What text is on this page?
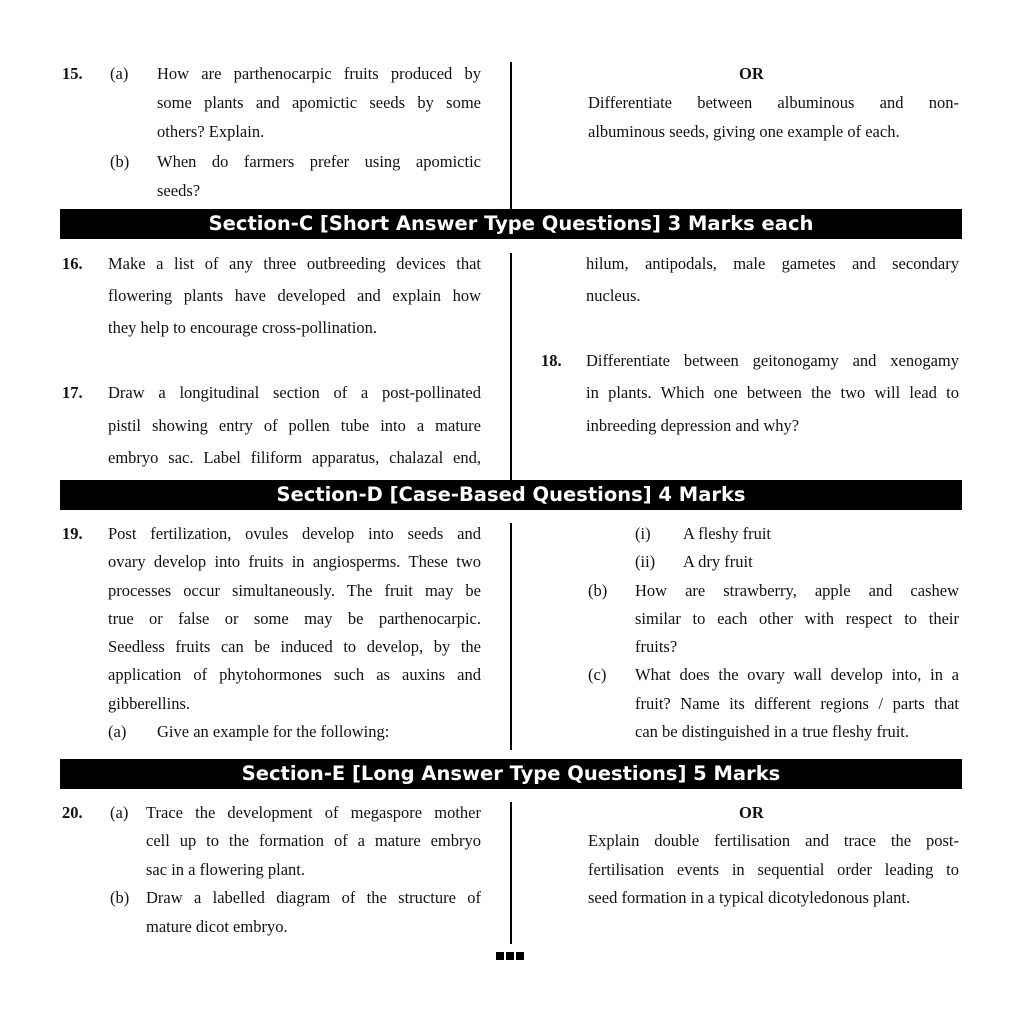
15. (a) How are parthenocarpic fruits produced by
some plants and apomictic seeds by some
others? Explain.
(b) When do farmers prefer using apomictic
seeds?
OR
Differentiate between albuminous and non-
albuminous seeds, giving one example of each.
Section-C [Short Answer Type Questions] 3 Marks each
16. Make a list of any three outbreeding devices that
flowering plants have developed and explain how
they help to encourage cross-pollination.
17. Draw a longitudinal section of a post-pollinated
pistil showing entry of pollen tube into a mature
embryo sac. Label filiform apparatus, chalazal end,
hilum, antipodals, male gametes and secondary
nucleus.
18. Differentiate between geitonogamy and xenogamy
in plants. Which one between the two will lead to
inbreeding depression and why?
Section-D [Case-Based Questions] 4 Marks
19. Post fertilization, ovules develop into seeds and
ovary develop into fruits in angiosperms. These two
processes occur simultaneously. The fruit may be
true or false or some may be parthenocarpic.
Seedless fruits can be induced to develop, by the
application of phytohormones such as auxins and
gibberellins.
(a) Give an example for the following:
(i) A fleshy fruit
(ii) A dry fruit
(b) How are strawberry, apple and cashew
similar to each other with respect to their
fruits?
(c) What does the ovary wall develop into, in a
fruit? Name its different regions / parts that
can be distinguished in a true fleshy fruit.
Section-E [Long Answer Type Questions] 5 Marks
20. (a) Trace the development of megaspore mother
cell up to the formation of a mature embryo
sac in a flowering plant.
(b) Draw a labelled diagram of the structure of
mature dicot embryo.
OR
Explain double fertilisation and trace the post-
fertilisation events in sequential order leading to
seed formation in a typical dicotyledonous plant.
